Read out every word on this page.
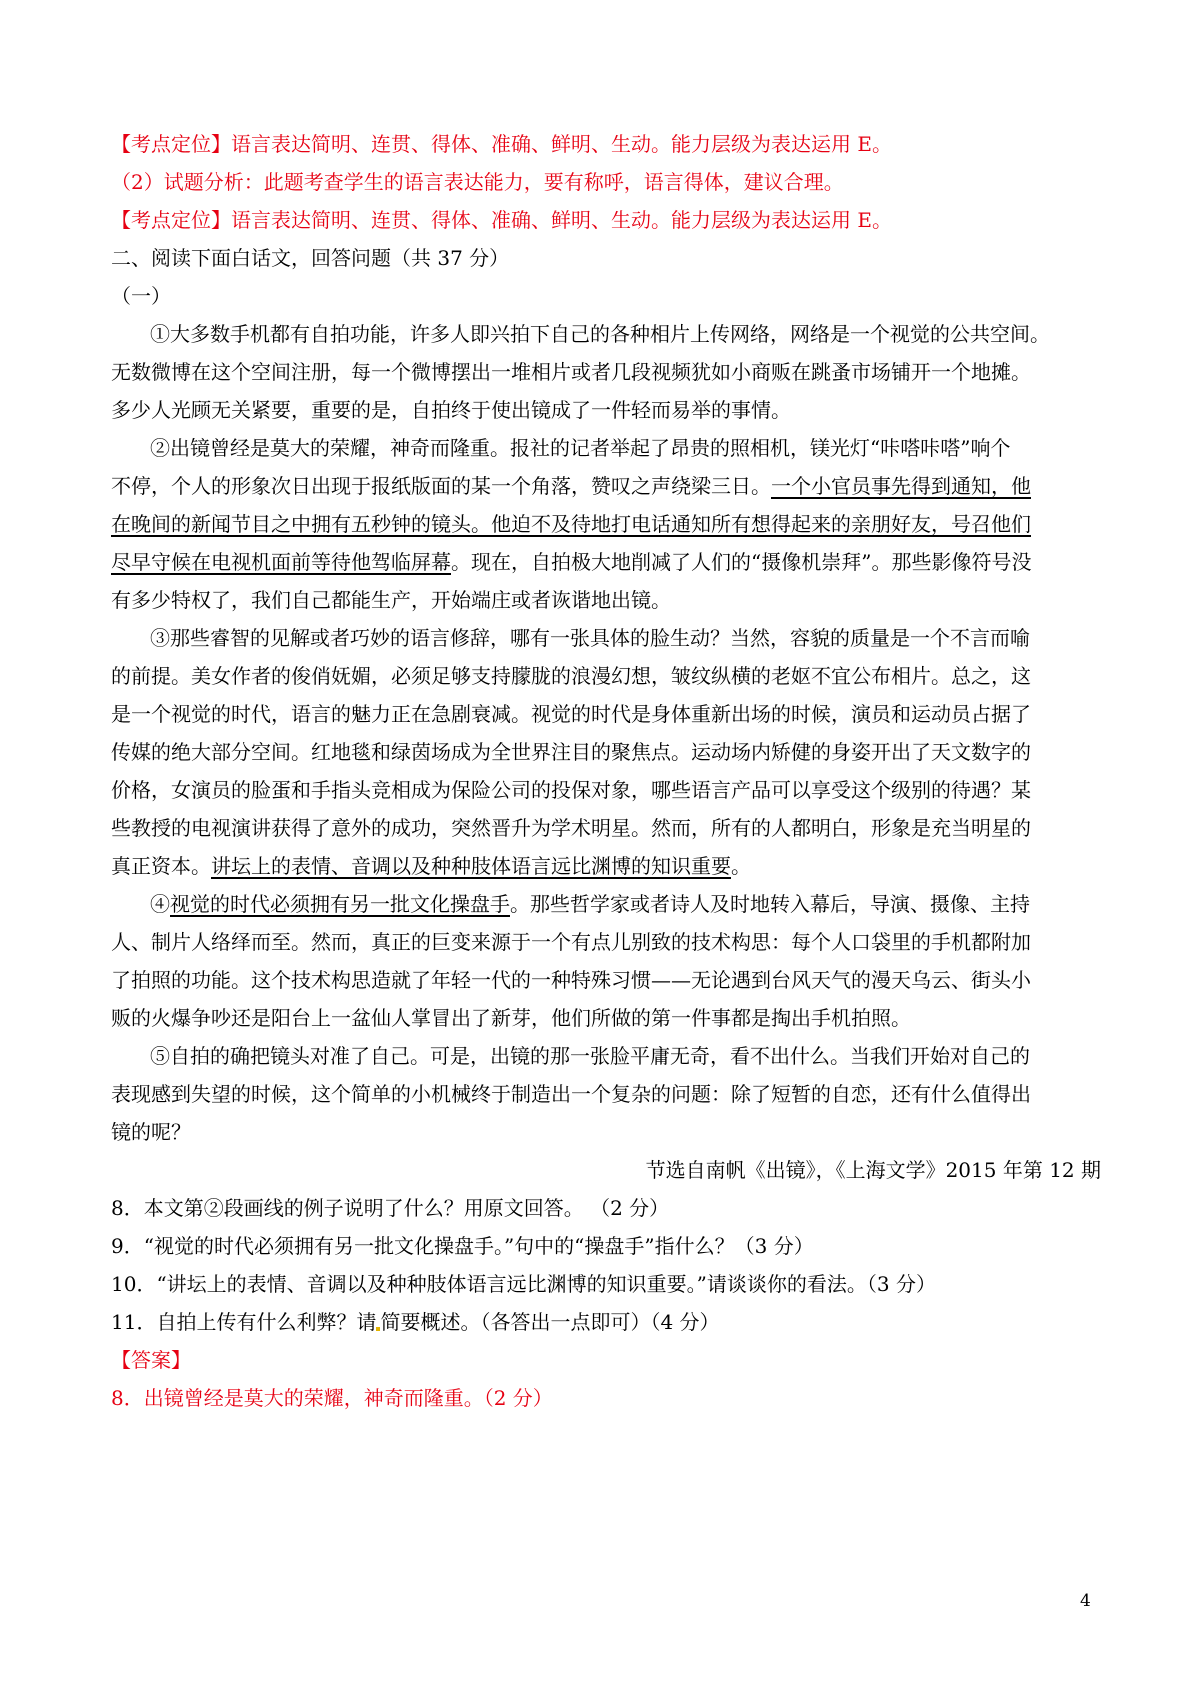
【考点定位】语言表达简明、连贯、得体、准确、鲜明、生动。能力层级为表达运用 E。
（2）试题分析：此题考查学生的语言表达能力，要有称呼，语言得体，建议合理。
【考点定位】语言表达简明、连贯、得体、准确、鲜明、生动。能力层级为表达运用 E。
二、阅读下面白话文，回答问题（共 37 分）
（一）
①大多数手机都有自拍功能，许多人即兴拍下自己的各种相片上传网络，网络是一个视觉的公共空间。
无数微博在这个空间注册，每一个微博摆出一堆相片或者几段视频犹如小商贩在跳蚤市场铺开一个地摊。
多少人光顾无关紧要，重要的是，自拍终于使出镜成了一件轻而易举的事情。
②出镜曾经是莫大的荣耀，神奇而隆重。报社的记者举起了昂贵的照相机，镁光灯“咔嗒咔嗒”响个
不停，个人的形象次日出现于报纸版面的某一个角落，赞叹之声绕梁三日。一个小官员事先得到通知，他
在晚间的新闻节目之中拥有五秒钟的镜头。他迫不及待地打电话通知所有想得起来的亲朋好友，号召他们
尽早守候在电视机面前等待他驾临屏幕。现在，自拍极大地削减了人们的“摄像机崇拜”。那些影像符号没
有多少特权了，我们自己都能生产，开始端庄或者诙谐地出镜。
③那些睿智的见解或者巧妙的语言修辞，哪有一张具体的脸生动？当然，容貌的质量是一个不言而喻
的前提。美女作者的俊俏妩媚，必须足够支持朦胧的浪漫幻想，皱纹纵横的老妪不宜公布相片。总之，这
是一个视觉的时代，语言的魅力正在急剧衰减。视觉的时代是身体重新出场的时候，演员和运动员占据了
传媒的绝大部分空间。红地毯和绿茵场成为全世界注目的聚焦点。运动场内矫健的身姿开出了天文数字的
价格，女演员的脸蛋和手指头竞相成为保险公司的投保对象，哪些语言产品可以享受这个级别的待遇？某
些教授的电视演讲获得了意外的成功，突然晋升为学术明星。然而，所有的人都明白，形象是充当明星的
真正资本。讲坛上的表情、音调以及种种肢体语言远比渊博的知识重要。
④视觉的时代必须拥有另一批文化操盘手。那些哲学家或者诗人及时地转入幕后，导演、摄像、主持
人、制片人络绎而至。然而，真正的巨变来源于一个有点儿别致的技术构思：每个人口袋里的手机都附加
了拍照的功能。这个技术构思造就了年轻一代的一种特殊习惯——无论遇到台风天气的漫天乌云、街头小
贩的火爆争吵还是阳台上一盆仙人掌冒出了新芽，他们所做的第一件事都是掏出手机拍照。
⑤自拍的确把镜头对准了自己。可是，出镜的那一张脸平庸无奇，看不出什么。当我们开始对自己的
表现感到失望的时候，这个简单的小机械终于制造出一个复杂的问题：除了短暂的自恋，还有什么值得出
镜的呢？
节选自南帆《出镜》，《上海文学》2015 年第 12 期
8．本文第②段画线的例子说明了什么？用原文回答。 （2 分）
9．“视觉的时代必须拥有另一批文化操盘手。”句中的“操盘手”指什么？（3 分）
10．“讲坛上的表情、音调以及种种肢体语言远比渊博的知识重要。”请谈谈你的看法。（3 分）
11．自拍上传有什么利弊？请 简要概述。（各答出一点即可）（4 分）
【答案】
8．出镜曾经是莫大的荣耀，神奇而隆重。（2 分）
4
